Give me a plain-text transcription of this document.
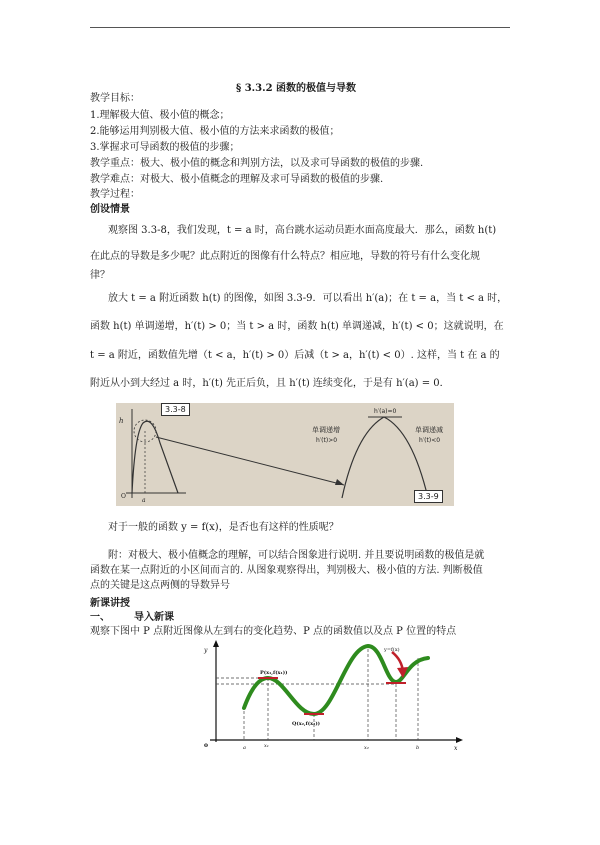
§ 3.3.2 函数的极值与导数
教学目标：
1.理解极大值、极小值的概念；
2.能够运用判别极大值、极小值的方法来求函数的极值；
3.掌握求可导函数的极值的步骤；
教学重点：极大、极小值的概念和判别方法，以及求可导函数的极值的步骤.
教学难点：对极大、极小值概念的理解及求可导函数的极值的步骤.
教学过程：
创设情景
观察图 3.3-8，我们发现，t = a 时，高台跳水运动员距水面高度最大．那么，函数 h(t)
在此点的导数是多少呢？此点附近的图像有什么特点？相应地，导数的符号有什么变化规
律？
放大 t = a 附近函数 h(t) 的图像，如图 3.3-9．可以看出 h′(a)；在 t = a，当 t < a 时，
函数 h(t) 单调递增，h′(t) > 0；当 t > a 时，函数 h(t) 单调递减，h′(t) < 0；这就说明，在
t = a 附近，函数值先增（t < a，h′(t) > 0）后减（t > a，h′(t) < 0）. 这样，当 t 在 a 的
附近从小到大经过 a 时，h′(t) 先正后负，且 h′(t) 连续变化，于是有 h′(a) = 0．
h′(a)=0
单调递增
h′(t)>0
单调递减
h′(t)<0
h
O
a
3.3-8
3.3-9
对于一般的函数 y = f(x)，是否也有这样的性质呢？
附：对极大、极小值概念的理解，可以结合图象进行说明. 并且要说明函数的极值是就
函数在某一点附近的小区间而言的. 从图象观察得出，判别极大、极小值的方法. 判断极值
点的关键是这点两侧的导数异号
新课讲授
一、 导入新课
观察下图中 P 点附近图像从左到右的变化趋势、P 点的函数值以及点 P 位置的特点
y
x
o	a	x₁	x₂	b
P(x₁,f(x₁))
Q(x₂,f(x₂))
y=f(x)
